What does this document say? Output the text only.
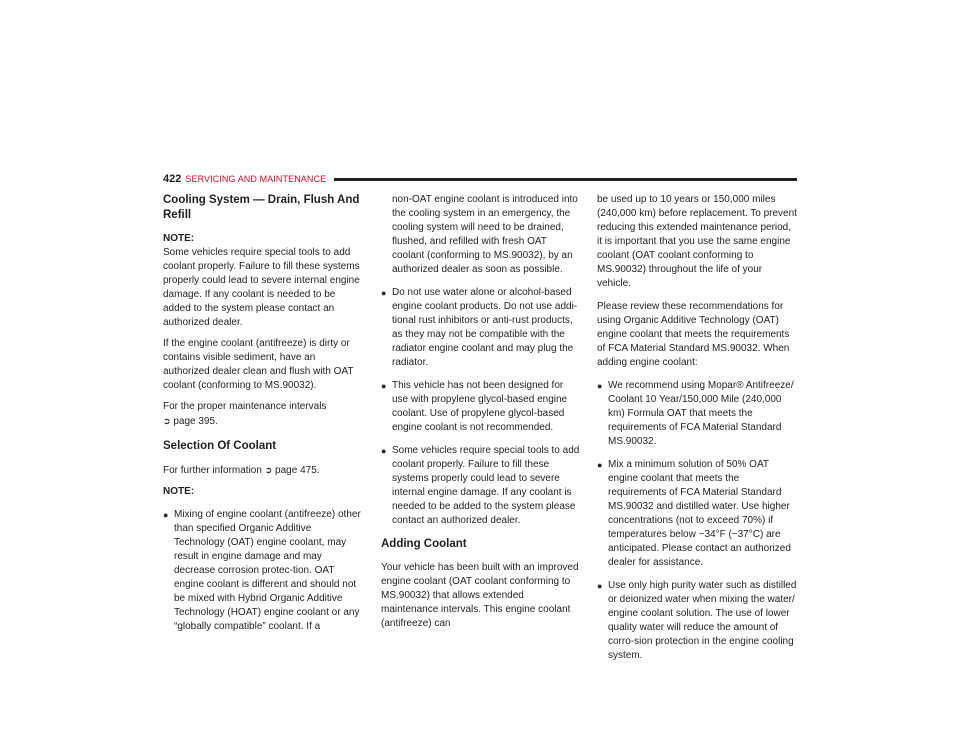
422 SERVICING AND MAINTENANCE
Cooling System — Drain, Flush And Refill

NOTE:

Some vehicles require special tools to add coolant properly. Failure to fill these systems properly could lead to severe internal engine damage. If any coolant is needed to be added to the system please contact an authorized dealer.

If the engine coolant (antifreeze) is dirty or contains visible sediment, have an authorized dealer clean and flush with OAT coolant (conforming to MS.90032).

For the proper maintenance intervals
➲ page 395.

Selection Of Coolant

For further information ➲ page 475.

NOTE:

● Mixing of engine coolant (antifreeze) other than specified Organic Additive Technology (OAT) engine coolant, may result in engine damage and may decrease corrosion protec-tion. OAT engine coolant is different and should not be mixed with Hybrid Organic Additive Technology (HOAT) engine coolant or any “globally compatible” coolant. If a

non-OAT engine coolant is introduced into the cooling system in an emergency, the cooling system will need to be drained, flushed, and refilled with fresh OAT coolant (conforming to MS.90032), by an authorized dealer as soon as possible.

● Do not use water alone or alcohol-based engine coolant products. Do not use addi-tional rust inhibitors or anti-rust products, as they may not be compatible with the radiator engine coolant and may plug the radiator.
● This vehicle has not been designed for use with propylene glycol-based engine coolant. Use of propylene glycol-based engine coolant is not recommended.
● Some vehicles require special tools to add coolant properly. Failure to fill these systems properly could lead to severe internal engine damage. If any coolant is needed to be added to the system please contact an authorized dealer.
Adding Coolant

Your vehicle has been built with an improved engine coolant (OAT coolant conforming to MS.90032) that allows extended maintenance intervals. This engine coolant (antifreeze) can

be used up to 10 years or 150,000 miles (240,000 km) before replacement. To prevent reducing this extended maintenance period, it is important that you use the same engine coolant (OAT coolant conforming to MS.90032) throughout the life of your vehicle.

Please review these recommendations for using Organic Additive Technology (OAT) engine coolant that meets the requirements of FCA Material Standard MS.90032. When adding engine coolant:

● We recommend using Mopar® Antifreeze/ Coolant 10 Year/150,000 Mile (240,000 km) Formula OAT that meets the requirements of FCA Material Standard MS.90032.
● Mix a minimum solution of 50% OAT engine coolant that meets the requirements of FCA Material Standard MS.90032 and distilled water. Use higher concentrations (not to exceed 70%) if temperatures below −34°F (−37°C) are anticipated. Please contact an authorized dealer for assistance.
● Use only high purity water such as distilled or deionized water when mixing the water/ engine coolant solution. The use of lower quality water will reduce the amount of corro-sion protection in the engine cooling system.
